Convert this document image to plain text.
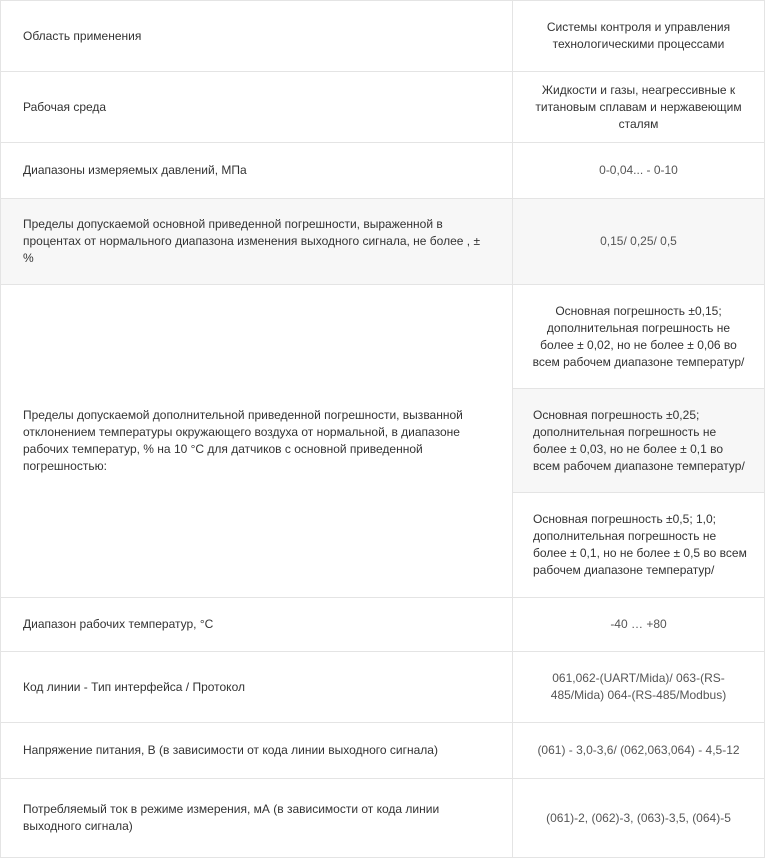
Область применения	Системы контроля и управления технологическими процессами
Рабочая среда	Жидкости и газы, неагрессивные к титановым сплавам и нержавеющим сталям
Диапазоны измеряемых давлений, МПа	0-0,04... - 0-10
Пределы допускаемой основной приведенной погрешности, выраженной в процентах от нормального диапазона изменения выходного сигнала, не более , ±%	0,15/ 0,25/ 0,5
Пределы допускаемой дополнительной приведенной погрешности, вызванной отклонением температуры окружающего воздуха от нормальной, в диапазоне рабочих температур, % на 10 °С для датчиков с основной приведенной погрешностью:	Основная погрешность ±0,15; дополнительная погрешность не более ± 0,02, но не более ± 0,06 во всем рабочем диапазоне температур/
	Основная погрешность ±0,25; дополнительная погрешность не более ± 0,03, но не более ± 0,1 во всем рабочем диапазоне температур/
	Основная погрешность ±0,5; 1,0; дополнительная погрешность не более ± 0,1, но не более ± 0,5 во всем рабочем диапазоне температур/
Диапазон рабочих температур, °С	-40 … +80
Код линии - Тип интерфейса / Протокол	061,062-(UART/Mida)/ 063-(RS-485/Mida) 064-(RS-485/Modbus)
Напряжение питания, В (в зависимости от кода линии выходного сигнала)	(061) - 3,0-3,6/ (062,063,064) - 4,5-12
Потребляемый ток в режиме измерения, мА (в зависимости от кода линии выходного сигнала)	(061)-2, (062)-3, (063)-3,5, (064)-5
